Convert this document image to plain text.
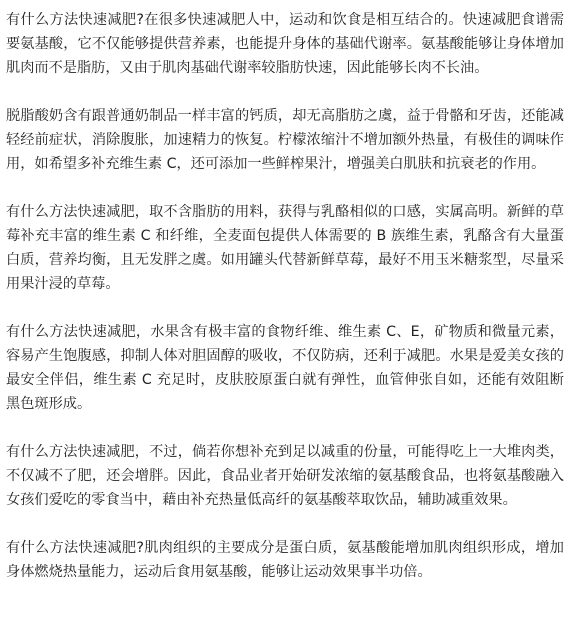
有什么方法快速减肥?在很多快速减肥人中，运动和饮食是相互结合的。快速减肥食谱需要氨基酸，它不仅能够提供营养素，也能提升身体的基础代谢率。氨基酸能够让身体增加肌肉而不是脂肪，又由于肌肉基础代谢率较脂肪快速，因此能够长肉不长油。

脱脂酸奶含有跟普通奶制品一样丰富的钙质，却无高脂肪之虞，益于骨骼和牙齿，还能减轻经前症状，消除腹胀，加速精力的恢复。柠檬浓缩汁不增加额外热量，有极佳的调味作用，如希望多补充维生素 C，还可添加一些鲜榨果汁，增强美白肌肤和抗衰老的作用。

有什么方法快速减肥，取不含脂肪的用料，获得与乳酪相似的口感，实属高明。新鲜的草莓补充丰富的维生素 C 和纤维，全麦面包提供人体需要的 B 族维生素，乳酪含有大量蛋白质，营养均衡，且无发胖之虞。如用罐头代替新鲜草莓，最好不用玉米糖浆型，尽量采用果汁浸的草莓。

有什么方法快速减肥，水果含有极丰富的食物纤维、维生素 C、E，矿物质和微量元素，容易产生饱腹感，抑制人体对胆固醇的吸收，不仅防病，还利于减肥。水果是爱美女孩的最安全伴侣，维生素 C 充足时，皮肤胶原蛋白就有弹性，血管伸张自如，还能有效阻断黑色斑形成。

有什么方法快速减肥，不过，倘若你想补充到足以减重的份量，可能得吃上一大堆肉类，不仅减不了肥，还会增胖。因此，食品业者开始研发浓缩的氨基酸食品，也将氨基酸融入女孩们爱吃的零食当中，藉由补充热量低高纤的氨基酸萃取饮品，辅助减重效果。

有什么方法快速减肥?肌肉组织的主要成分是蛋白质，氨基酸能增加肌肉组织形成，增加身体燃烧热量能力，运动后食用氨基酸，能够让运动效果事半功倍。
